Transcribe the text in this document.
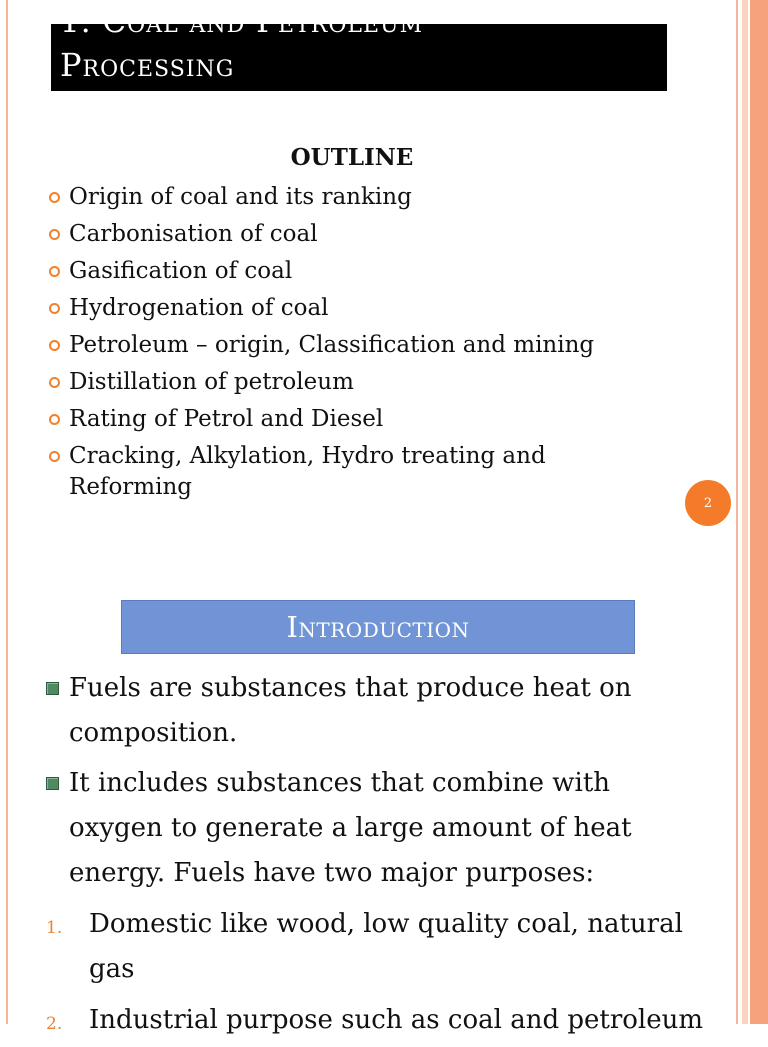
1. Coal and Petroleum
Processing
OUTLINE
Origin of coal and its ranking
Carbonisation of coal
Gasification of coal
Hydrogenation of coal
Petroleum – origin, Classification and mining
Distillation of petroleum
Rating of Petrol and Diesel
Cracking, Alkylation, Hydro treating and Reforming
2
Introduction
Fuels are substances that produce heat on
composition.
It includes substances that combine with
oxygen to generate a large amount of heat
energy. Fuels have two major purposes:
1.	Domestic like wood, low quality coal, natural
gas
2.	Industrial purpose such as coal and petroleum
